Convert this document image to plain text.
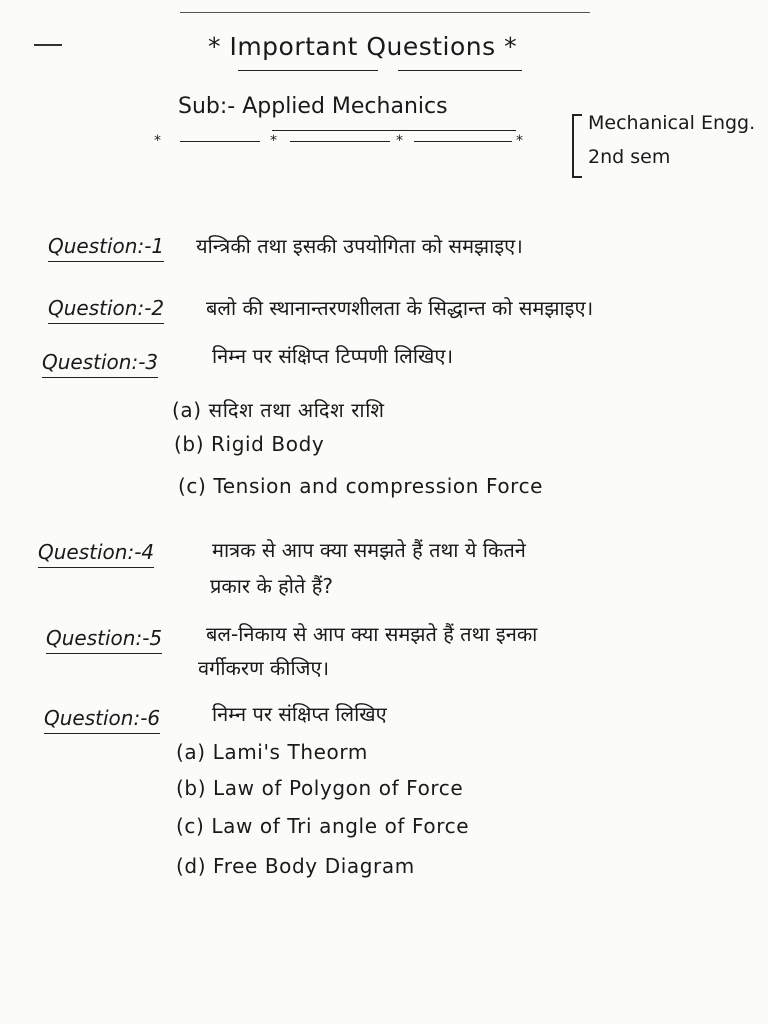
* Important Questions *
Sub:- Applied Mechanics
*	*	*	*
Mechanical Engg.
2nd sem
Question:-1 यन्त्रिकी तथा इसकी उपयोगिता को समझाइए।
Question:-2 बलो की स्थानान्तरणशीलता के सिद्धान्त को समझाइए।
Question:-3	निम्न पर संक्षिप्त टिप्पणी लिखिए।
(a) सदिश तथा अदिश राशि
(b) Rigid Body
(c) Tension and compression Force
Question:-4	मात्रक से आप क्या समझते हैं तथा ये कितने
प्रकार के होते हैं?
Question:-5 बल-निकाय से आप क्या समझते हैं तथा इनका
वर्गीकरण कीजिए।
Question:-6	निम्न पर संक्षिप्त लिखिए
(a) Lami's Theorm
(b) Law of Polygon of Force
(c) Law of Tri angle of Force
(d) Free Body Diagram
